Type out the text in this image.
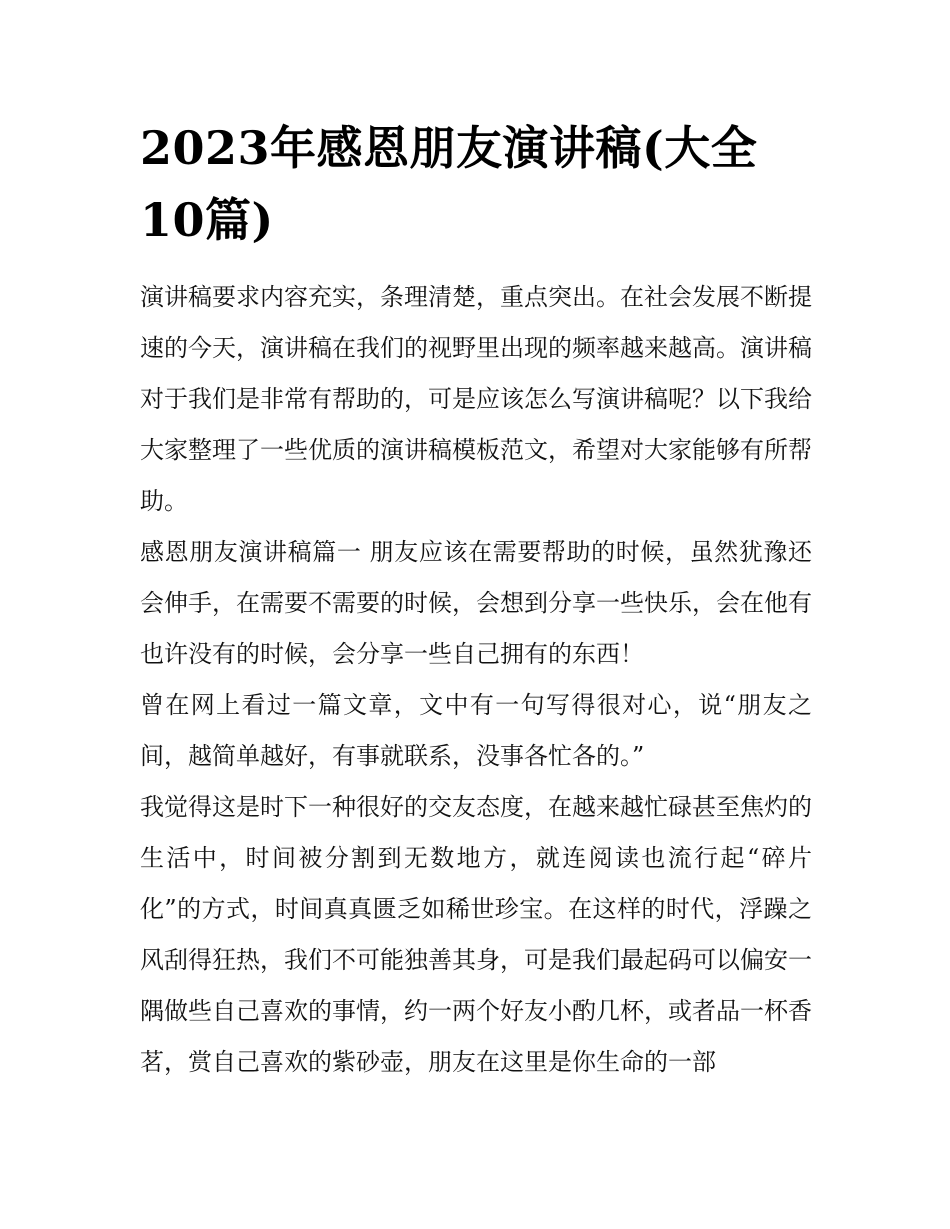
2023年感恩朋友演讲稿(大全10篇)

演讲稿要求内容充实，条理清楚，重点突出。在社会发展不断提速的今天，演讲稿在我们的视野里出现的频率越来越高。演讲稿对于我们是非常有帮助的，可是应该怎么写演讲稿呢？以下我给大家整理了一些优质的演讲稿模板范文，希望对大家能够有所帮助。

感恩朋友演讲稿篇一 朋友应该在需要帮助的时候，虽然犹豫还会伸手，在需要不需要的时候，会想到分享一些快乐，会在他有也许没有的时候，会分享一些自己拥有的东西！

曾在网上看过一篇文章，文中有一句写得很对心，说“朋友之间，越简单越好，有事就联系，没事各忙各的。”

我觉得这是时下一种很好的交友态度，在越来越忙碌甚至焦灼的生活中，时间被分割到无数地方，就连阅读也流行起“碎片化”的方式，时间真真匮乏如稀世珍宝。在这样的时代，浮躁之风刮得狂热，我们不可能独善其身，可是我们最起码可以偏安一隅做些自己喜欢的事情，约一两个好友小酌几杯，或者品一杯香茗，赏自己喜欢的紫砂壶，朋友在这里是你生命的一部
